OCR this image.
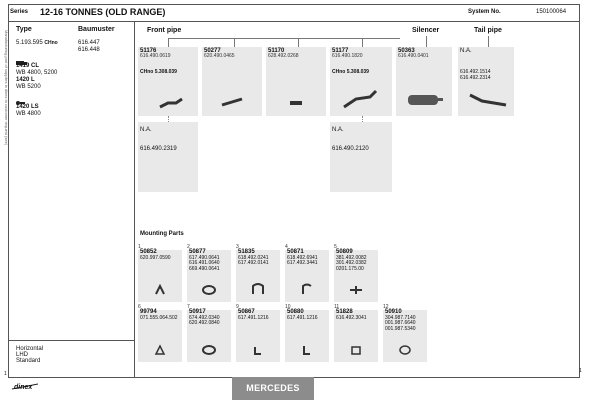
Series 12-16 TONNES (OLD RANGE)	System No.	150100064
Manufacturing part of supplies in dinex to customer request (see)
Type	Baumuster
5.193.595 CHno	616.447
616.448
1419 CL
WB 4800, 5200
1420 L
WB 5200
1420 LS
WB 4800
Horizontal
LHD
Standard
Front pipe	Silencer	Tail pipe
51176
616.490.0619
CHno 5.308.039
50277
620.490.0465
51170
628.492.0268
51177
616.490.1820
CHno 5.308.039
50363
616.490.0401
N.A.
616.492.1514
616.492.2314
N.A.
616.490.2319
N.A.
616.490.2120
Mounting Parts
1	2	3	4	5
50852
620.997.0590
50877
617.490.0641
616.491.0640
669.490.0641
51835
618.492.0241
617.492.0141
50871
618.492.6941
617.492.3441
50809
381.492.0082
301.492.0382
0201.175.00
6	7	9	10	11	12
99794
071.555.064.502
50917
674.492.0340
620.492.0840
50867
617.491.1216
50880
617.491.1216
51828
616.492.3041
50910
304.987.7140
001.987.6640
001.987.5340
1	1
dinex	MERCEDES
